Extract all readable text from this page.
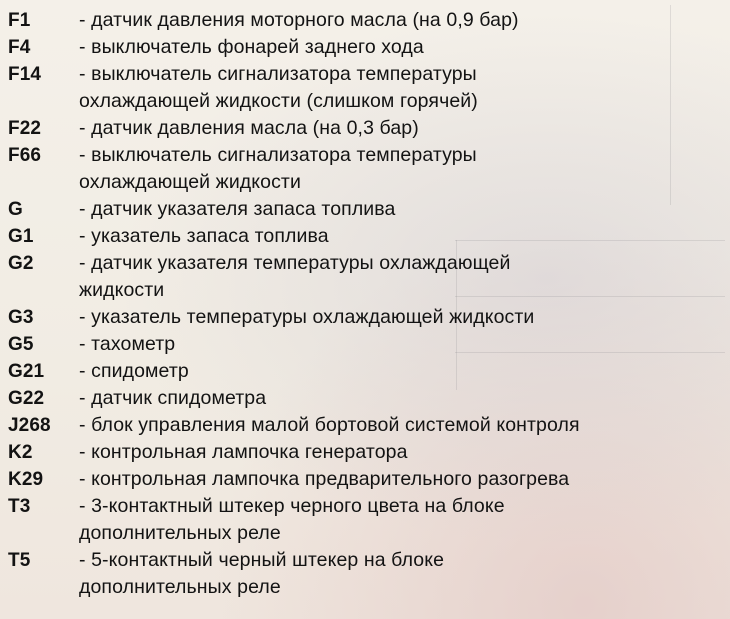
F1	- датчик давления моторного масла (на 0,9 бар)
F4	- выключатель фонарей заднего хода
F14	- выключатель сигнализатора температуры
охлаждающей жидкости (слишком горячей)
F22	- датчик давления масла (на 0,3 бар)
F66	- выключатель сигнализатора температуры
охлаждающей жидкости
G	- датчик указателя запаса топлива
G1	- указатель запаса топлива
G2	- датчик указателя температуры охлаждающей
жидкости
G3	- указатель температуры охлаждающей жидкости
G5	- тахометр
G21	- спидометр
G22	- датчик спидометра
J268	- блок управления малой бортовой системой контроля
K2	- контрольная лампочка генератора
K29	- контрольная лампочка предварительного разогрева
T3	- 3-контактный штекер черного цвета на блоке
дополнительных реле
T5	- 5-контактный черный штекер на блоке
дополнительных реле
